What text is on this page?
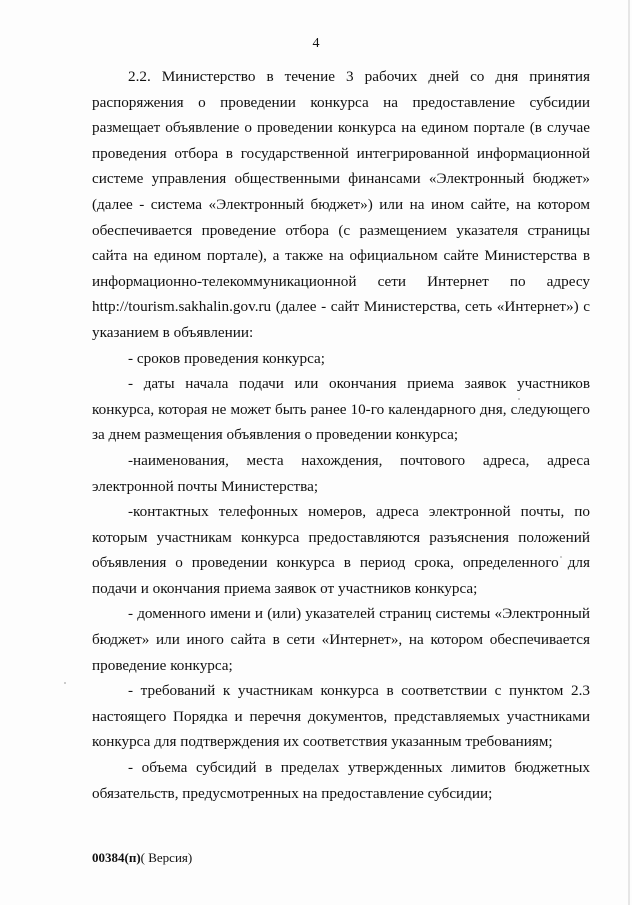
4

2.2. Министерство в течение 3 рабочих дней со дня принятия распоряжения о проведении конкурса на предоставление субсидии размещает объявление о проведении конкурса на едином портале (в случае проведения отбора в государственной интегрированной информационной системе управления общественными финансами «Электронный бюджет» (далее - система «Электронный бюджет») или на ином сайте, на котором обеспечивается проведение отбора (с размещением указателя страницы сайта на едином портале), а также на официальном сайте Министерства в информационно-телекоммуникационной сети Интернет по адресу http://tourism.sakhalin.gov.ru (далее - сайт Министерства, сеть «Интернет») с указанием в объявлении:

- сроков проведения конкурса;

- даты начала подачи или окончания приема заявок участников конкурса, которая не может быть ранее 10-го календарного дня, следующего за днем размещения объявления о проведении конкурса;

-наименования, места нахождения, почтового адреса, адреса электронной почты Министерства;

-контактных телефонных номеров, адреса электронной почты, по которым участникам конкурса предоставляются разъяснения положений объявления о проведении конкурса в период срока, определенного для подачи и окончания приема заявок от участников конкурса;

- доменного имени и (или) указателей страниц системы «Электронный бюджет» или иного сайта в сети «Интернет», на котором обеспечивается проведение конкурса;

- требований к участникам конкурса в соответствии с пунктом 2.3 настоящего Порядка и перечня документов, представляемых участниками конкурса для подтверждения их соответствия указанным требованиям;

- объема субсидий в пределах утвержденных лимитов бюджетных обязательств, предусмотренных на предоставление субсидии;

00384(п)( Версия)
